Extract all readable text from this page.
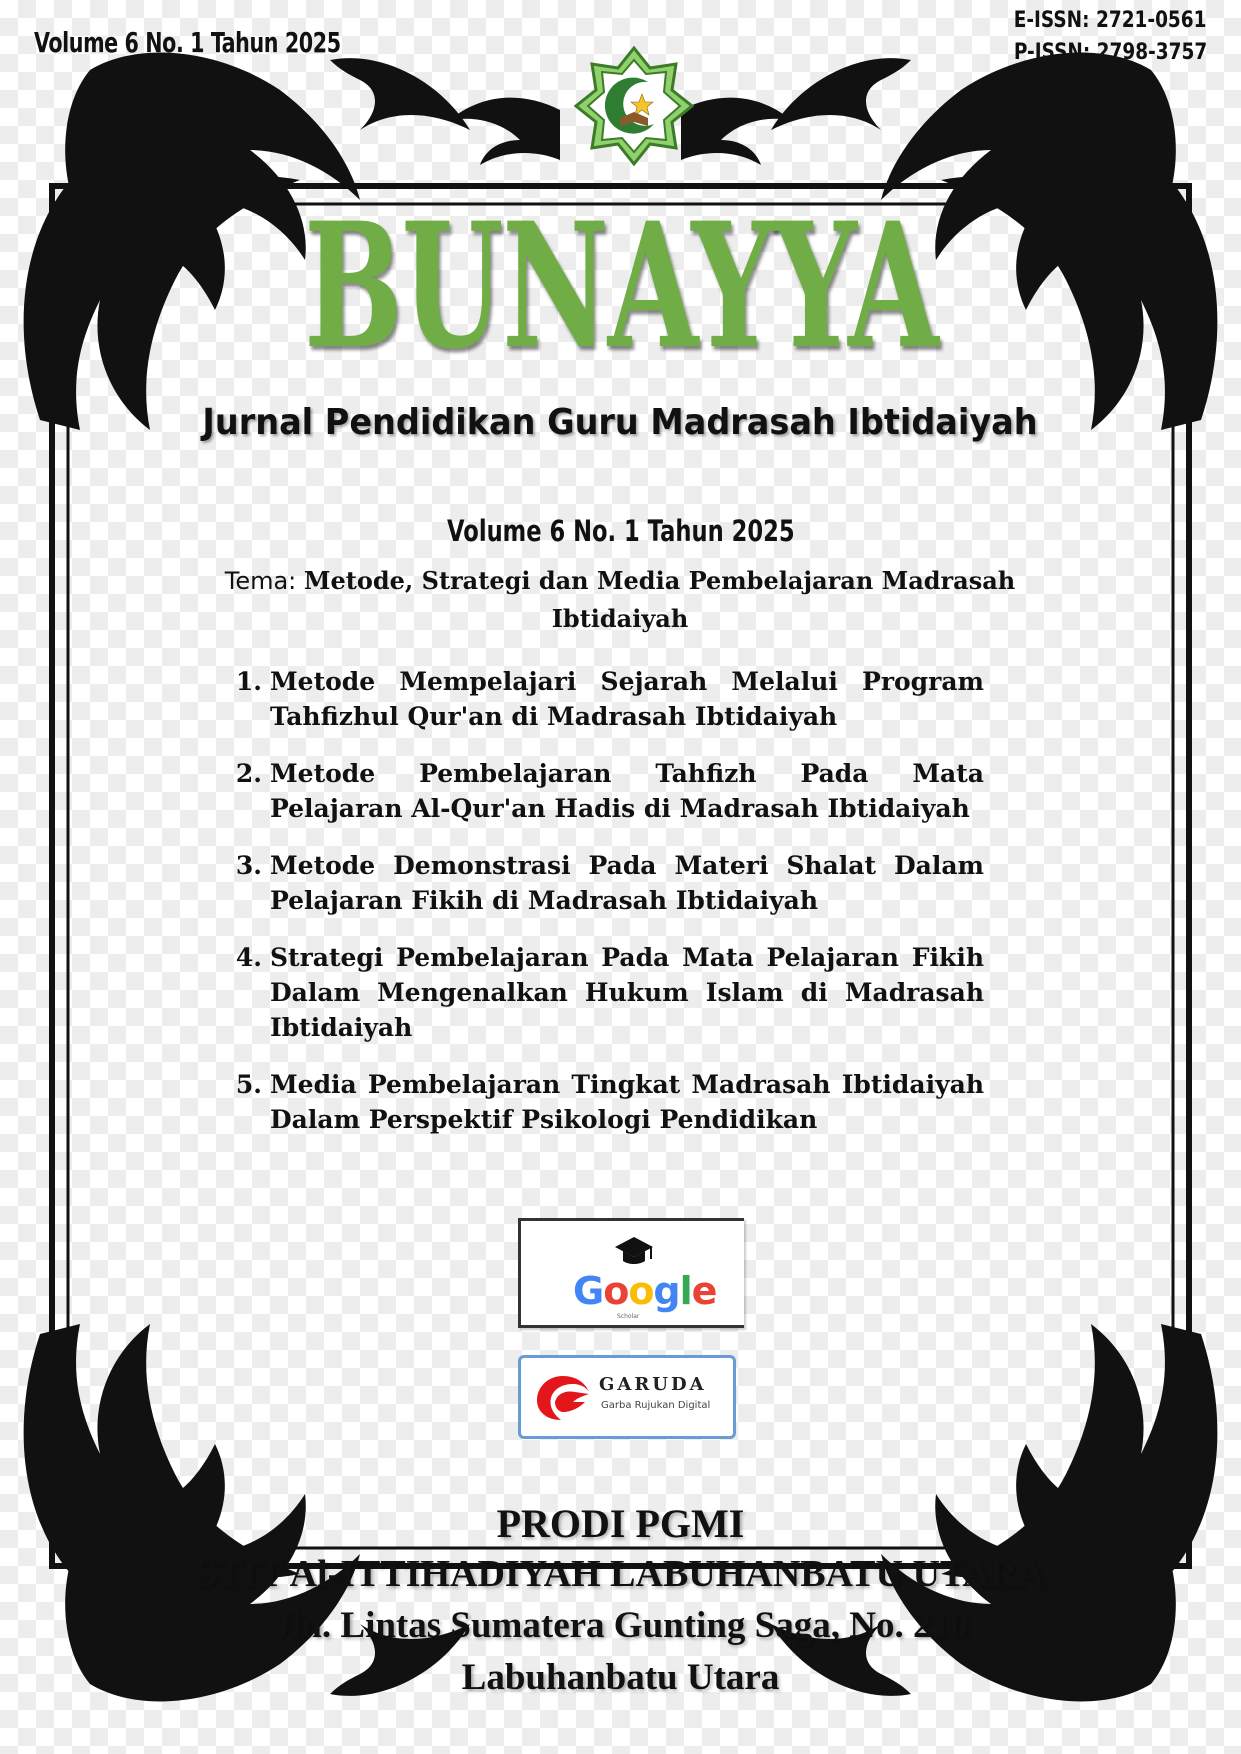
Volume 6 No. 1 Tahun 2025
E-ISSN: 2721-0561
P-ISSN: 2798-3757
BUNAYYA
Jurnal Pendidikan Guru Madrasah Ibtidaiyah
Volume 6 No. 1 Tahun 2025
Tema: Metode, Strategi dan Media Pembelajaran Madrasah Ibtidaiyah
1. Metode Mempelajari Sejarah Melalui Program Tahfizhul Qur'an di Madrasah Ibtidaiyah
2. Metode Pembelajaran Tahfizh Pada Mata Pelajaran Al-Qur'an Hadis di Madrasah Ibtidaiyah
3. Metode Demonstrasi Pada Materi Shalat Dalam Pelajaran Fikih di Madrasah Ibtidaiyah
4. Strategi Pembelajaran Pada Mata Pelajaran Fikih Dalam Mengenalkan Hukum Islam di Madrasah Ibtidaiyah
5. Media Pembelajaran Tingkat Madrasah Ibtidaiyah Dalam Perspektif Psikologi Pendidikan
Google
Scholar
GARUDA
Garba Rujukan Digital
PRODI PGMI
STIT Al-ITTIHADIYAH LABUHANBATU UTARA
Jln. Lintas Sumatera Gunting Saga, No. 210
Labuhanbatu Utara
